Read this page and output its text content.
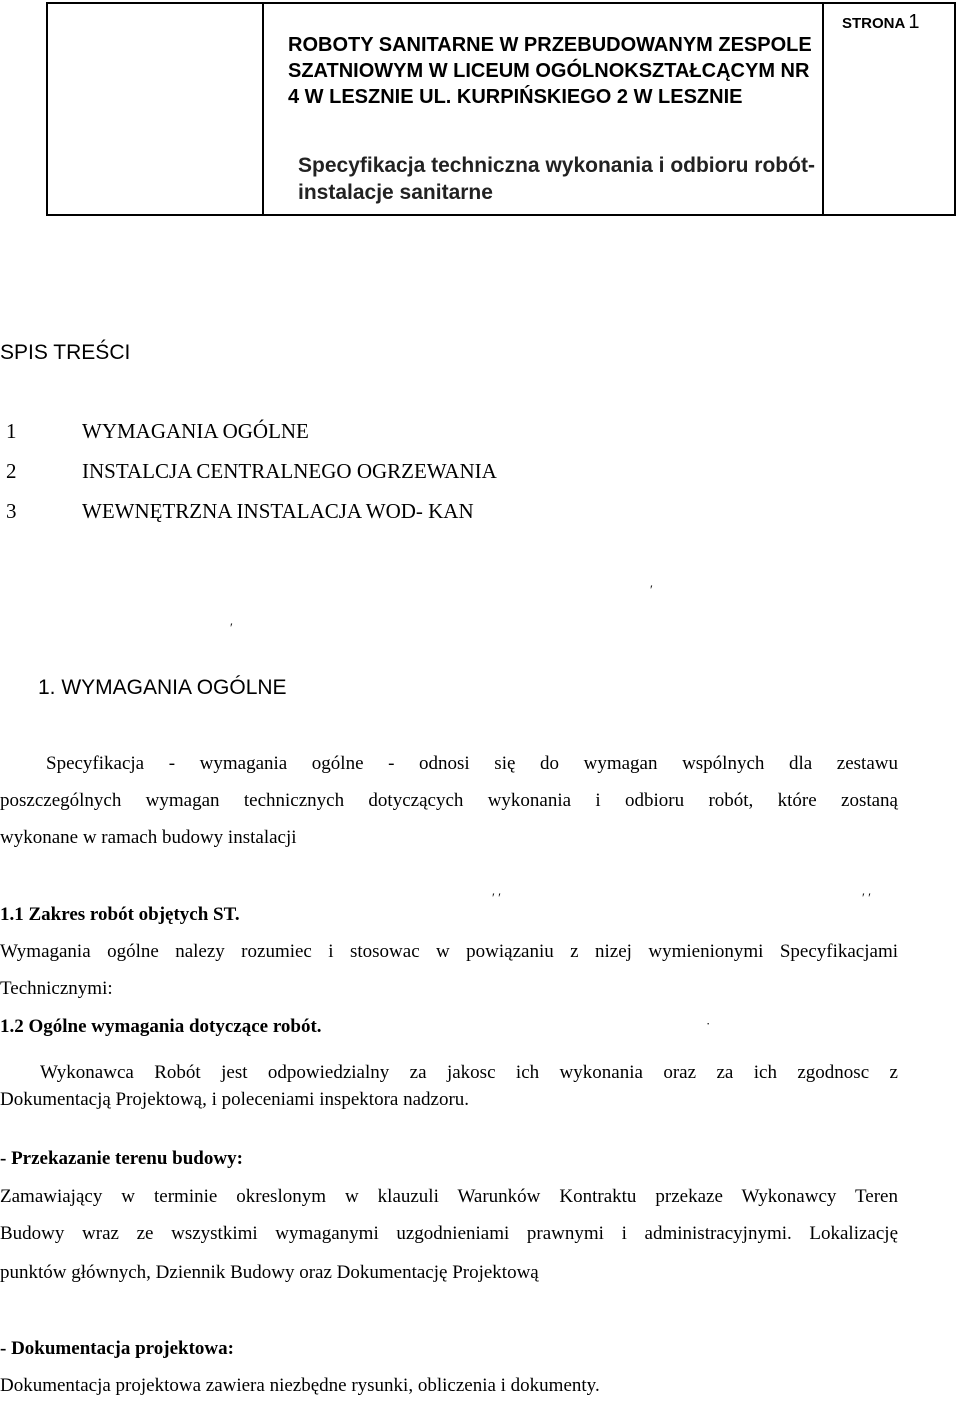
ROBOTY SANITARNE W PRZEBUDOWANYM ZESPOLE SZATNIOWYM W LICEUM OGÓLNOKSZTAŁCĄCYM NR 4 W LESZNIE UL. KURPIŃSKIEGO 2 W LESZNIE
Specyfikacja techniczna wykonania i odbioru robót- instalacje sanitarne
STRONA 1
SPIS TREŚCI
1	WYMAGANIA OGÓLNE
2	INSTALCJA CENTRALNEGO OGRZEWANIA
3	WEWNĘTRZNA INSTALACJA WOD- KAN
ʹ
ʹ
ʹ ʹ	ʹ ʹ
·
1. WYMAGANIA OGÓLNE
Specyfikacja - wymagania ogólne - odnosi się do wymagan wspólnych dla zestawu
poszczególnych wymagan technicznych dotyczących wykonania i odbioru robót, które zostaną
wykonane w ramach budowy instalacji
1.1 Zakres robót objętych ST.
Wymagania ogólne nalezy rozumiec i stosowac w powiązaniu z nizej wymienionymi Specyfikacjami
Technicznymi:
1.2 Ogólne wymagania dotyczące robót.
Wykonawca Robót jest odpowiedzialny za jakosc ich wykonania oraz za ich zgodnosc z
Dokumentacją Projektową, i poleceniami inspektora nadzoru.
- Przekazanie terenu budowy:
Zamawiający w terminie okreslonym w klauzuli Warunków Kontraktu przekaze Wykonawcy Teren
Budowy wraz ze wszystkimi wymaganymi uzgodnieniami prawnymi i administracyjnymi. Lokalizację
punktów głównych, Dziennik Budowy oraz Dokumentację Projektową
- Dokumentacja projektowa:
Dokumentacja projektowa zawiera niezbędne rysunki, obliczenia i dokumenty.
